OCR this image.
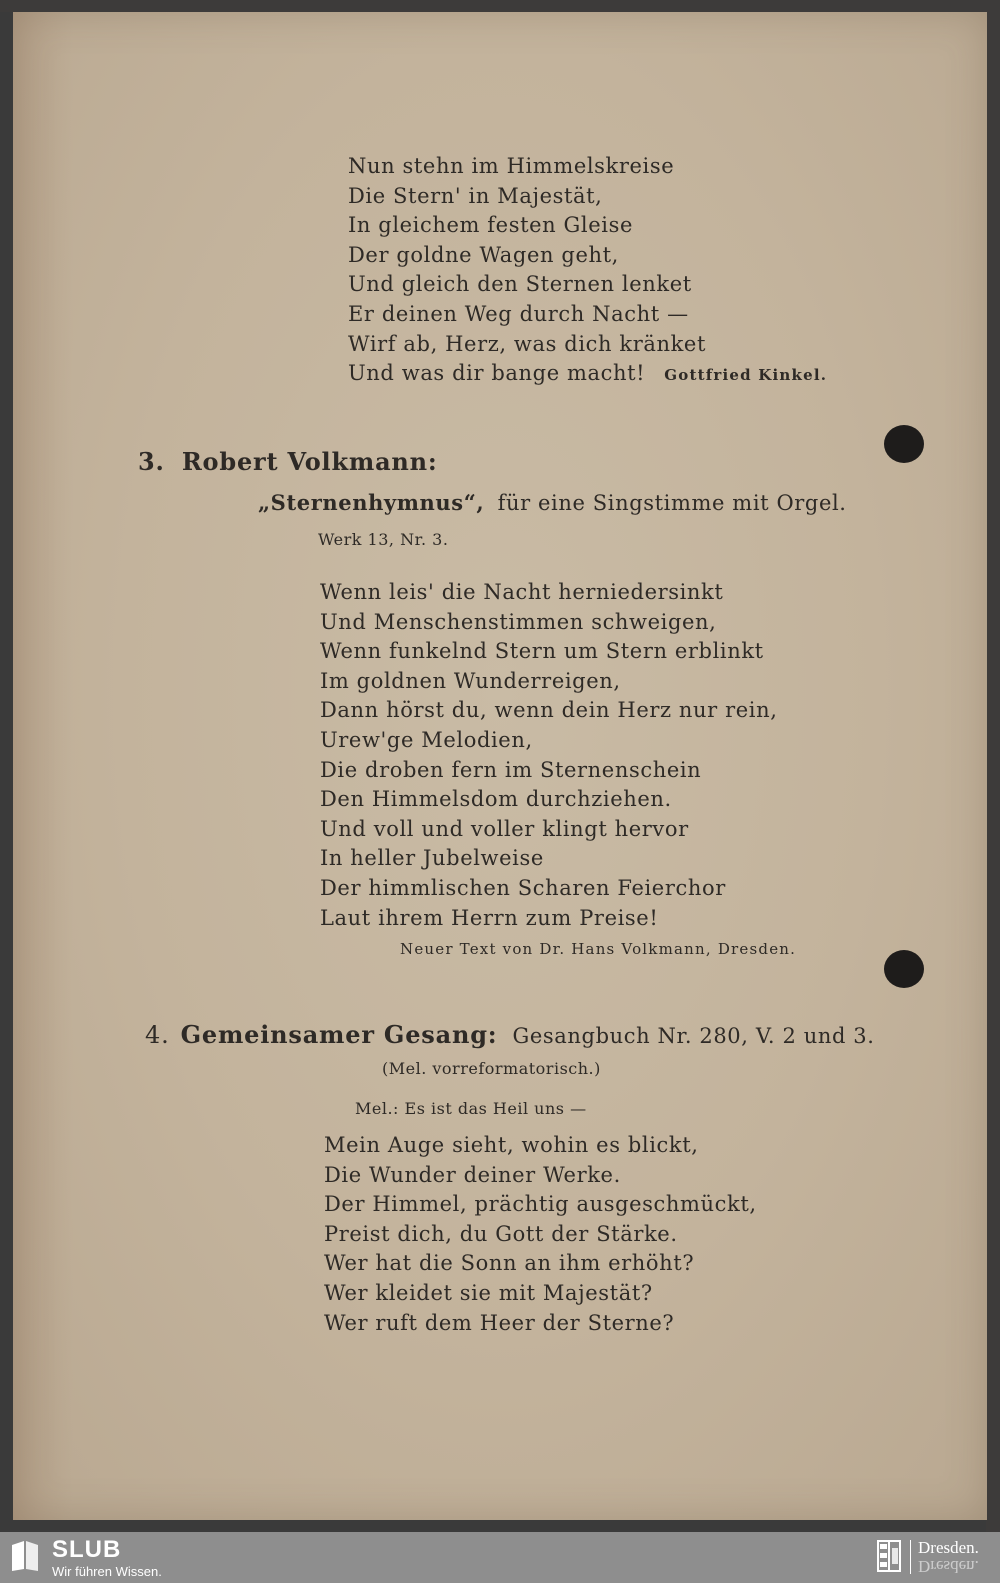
Nun stehn im Himmelskreise
Die Stern' in Majestät,
In gleichem festen Gleise
Der goldne Wagen geht,
Und gleich den Sternen lenket
Er deinen Weg durch Nacht —
Wirf ab, Herz, was dich kränket
Und was dir bange macht! Gottfried Kinkel.
3. Robert Volkmann:
„Sternenhymnus“, für eine Singstimme mit Orgel.
Werk 13, Nr. 3.
Wenn leis' die Nacht herniedersinkt
Und Menschenstimmen schweigen,
Wenn funkelnd Stern um Stern erblinkt
Im goldnen Wunderreigen,
Dann hörst du, wenn dein Herz nur rein,
Urew'ge Melodien,
Die droben fern im Sternenschein
Den Himmelsdom durchziehen.
Und voll und voller klingt hervor
In heller Jubelweise
Der himmlischen Scharen Feierchor
Laut ihrem Herrn zum Preise!
Neuer Text von Dr. Hans Volkmann, Dresden.
4. Gemeinsamer Gesang: Gesangbuch Nr. 280, V. 2 und 3.
(Mel. vorreformatorisch.)
Mel.: Es ist das Heil uns —
Mein Auge sieht, wohin es blickt,
Die Wunder deiner Werke.
Der Himmel, prächtig ausgeschmückt,
Preist dich, du Gott der Stärke.
Wer hat die Sonn an ihm erhöht?
Wer kleidet sie mit Majestät?
Wer ruft dem Heer der Sterne?
SLUB
Wir führen Wissen.
Dresden.
Dresden.
